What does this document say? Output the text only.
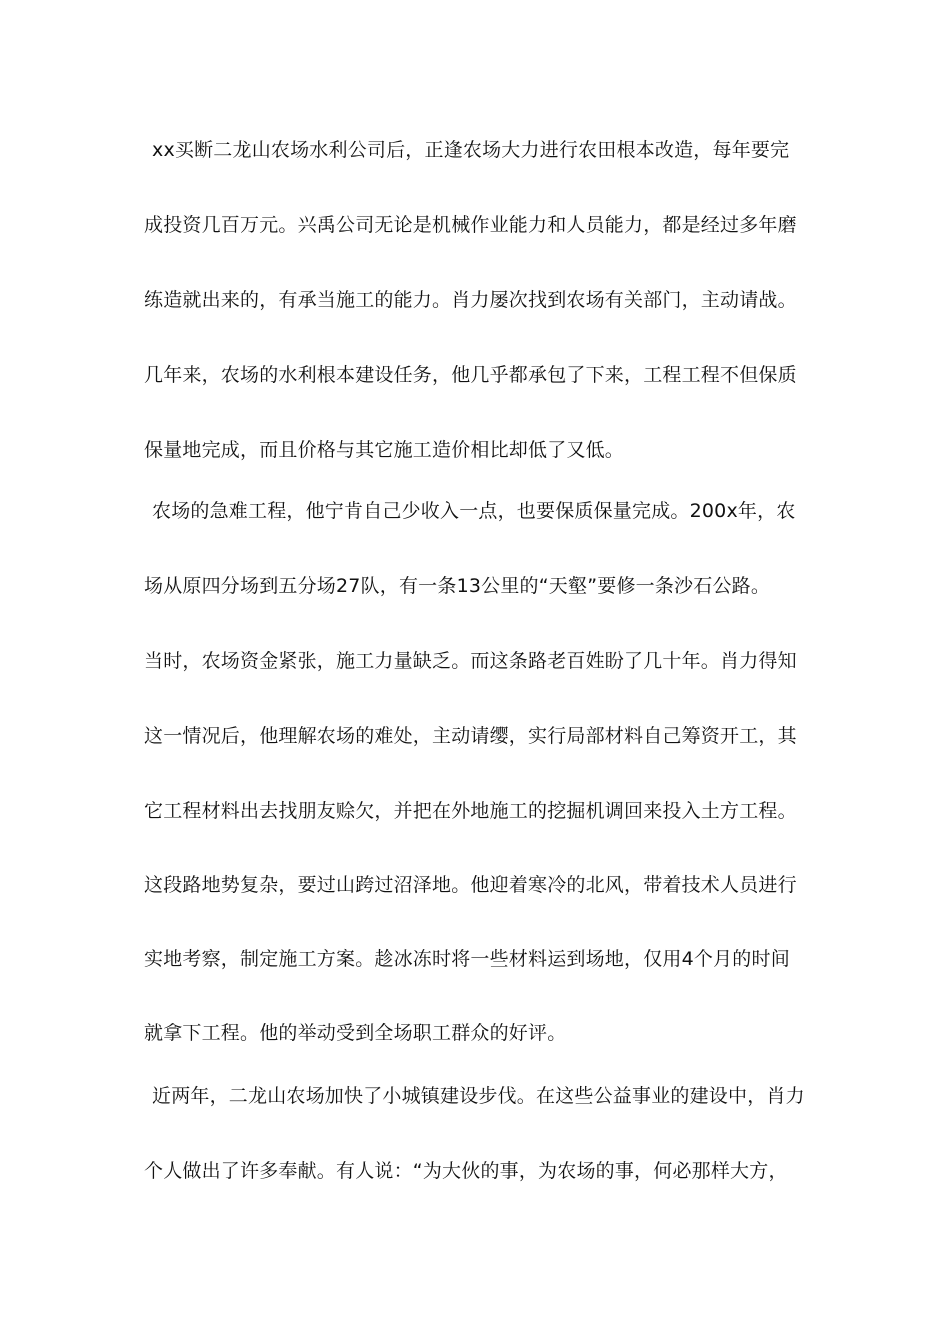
xx买断二龙山农场水利公司后，正逢农场大力进行农田根本改造，每年要完
成投资几百万元。兴禹公司无论是机械作业能力和人员能力，都是经过多年磨
练造就出来的，有承当施工的能力。肖力屡次找到农场有关部门，主动请战。
几年来，农场的水利根本建设任务，他几乎都承包了下来，工程工程不但保质
保量地完成，而且价格与其它施工造价相比却低了又低。
农场的急难工程，他宁肯自己少收入一点，也要保质保量完成。200x年，农
场从原四分场到五分场27队，有一条13公里的“天壑”要修一条沙石公路。
当时，农场资金紧张，施工力量缺乏。而这条路老百姓盼了几十年。肖力得知
这一情况后，他理解农场的难处，主动请缨，实行局部材料自己筹资开工，其
它工程材料出去找朋友赊欠，并把在外地施工的挖掘机调回来投入土方工程。
这段路地势复杂，要过山跨过沼泽地。他迎着寒冷的北风，带着技术人员进行
实地考察，制定施工方案。趁冰冻时将一些材料运到场地，仅用4个月的时间
就拿下工程。他的举动受到全场职工群众的好评。
近两年，二龙山农场加快了小城镇建设步伐。在这些公益事业的建设中，肖力
个人做出了许多奉献。有人说：“为大伙的事，为农场的事，何必那样大方，
